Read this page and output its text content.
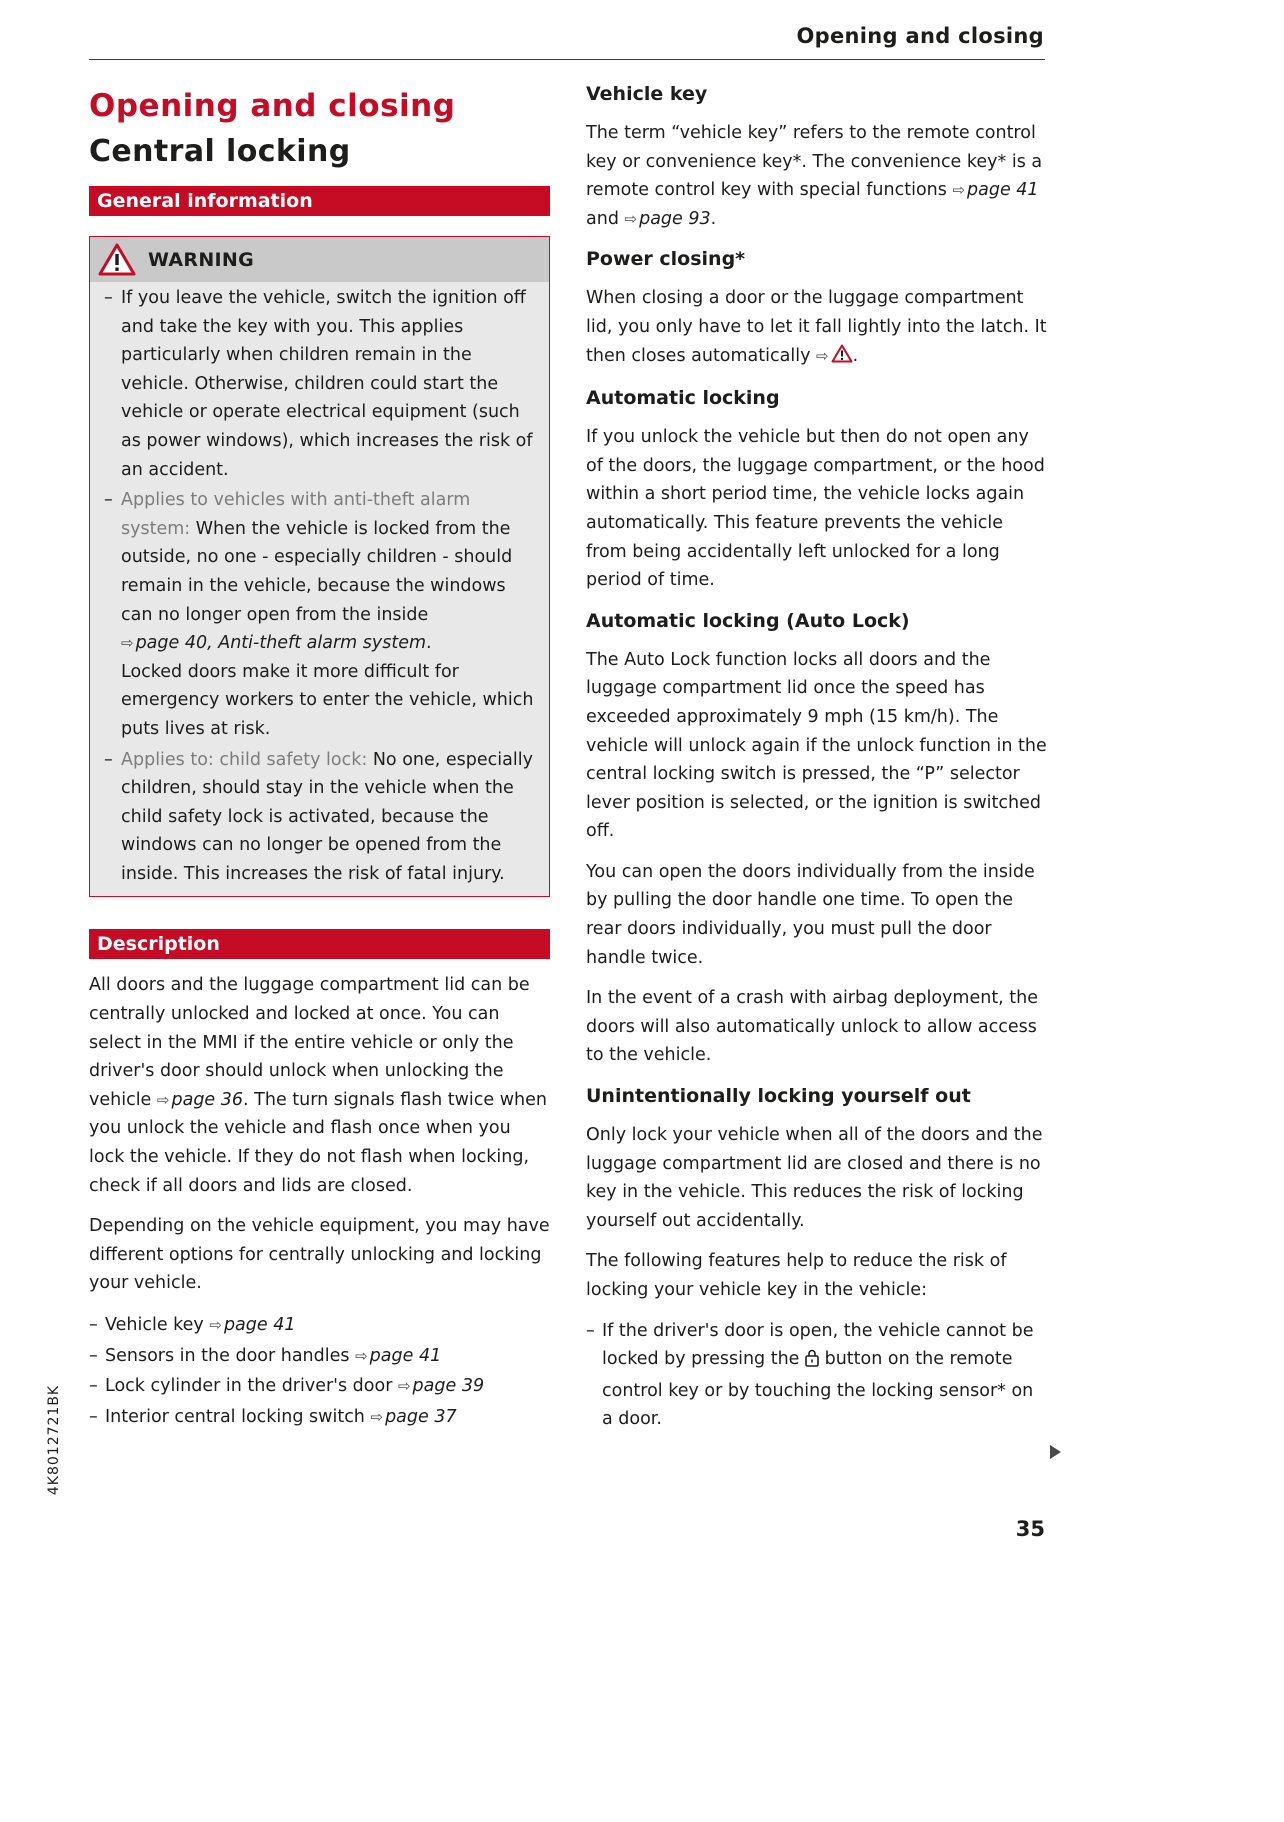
Opening and closing
Opening and closing
Central locking
General information
WARNING
– If you leave the vehicle, switch the ignition off and take the key with you. This applies particularly when children remain in the vehicle. Otherwise, children could start the vehicle or operate electrical equipment (such as power windows), which increases the risk of an accident.
– Applies to vehicles with anti-theft alarm system: When the vehicle is locked from the outside, no one - especially children - should remain in the vehicle, because the windows can no longer open from the inside
⇨ page 40, Anti-theft alarm system.
Locked doors make it more difficult for emergency workers to enter the vehicle, which puts lives at risk.
– Applies to: child safety lock: No one, especially children, should stay in the vehicle when the child safety lock is activated, because the windows can no longer be opened from the inside. This increases the risk of fatal injury.
Description

All doors and the luggage compartment lid can be centrally unlocked and locked at once. You can select in the MMI if the entire vehicle or only the driver's door should unlock when unlocking the vehicle ⇨ page 36. The turn signals flash twice when you unlock the vehicle and flash once when you lock the vehicle. If they do not flash when locking, check if all doors and lids are closed.

Depending on the vehicle equipment, you may have different options for centrally unlocking and locking your vehicle.

– Vehicle key ⇨ page 41
– Sensors in the door handles ⇨ page 41
– Lock cylinder in the driver's door ⇨ page 39
– Interior central locking switch ⇨ page 37
Vehicle key

The term “vehicle key” refers to the remote control key or convenience key*. The convenience key* is a remote control key with special functions ⇨ page 41 and ⇨ page 93.

Power closing*

When closing a door or the luggage compartment lid, you only have to let it fall lightly into the latch. It then closes automatically ⇨ .

Automatic locking

If you unlock the vehicle but then do not open any of the doors, the luggage compartment, or the hood within a short period time, the vehicle locks again automatically. This feature prevents the vehicle from being accidentally left unlocked for a long period of time.

Automatic locking (Auto Lock)

The Auto Lock function locks all doors and the luggage compartment lid once the speed has exceeded approximately 9 mph (15 km/h). The vehicle will unlock again if the unlock function in the central locking switch is pressed, the “P” selector lever position is selected, or the ignition is switched off.

You can open the doors individually from the inside by pulling the door handle one time. To open the rear doors individually, you must pull the door handle twice.

In the event of a crash with airbag deployment, the doors will also automatically unlock to allow access to the vehicle.

Unintentionally locking yourself out

Only lock your vehicle when all of the doors and the luggage compartment lid are closed and there is no key in the vehicle. This reduces the risk of locking yourself out accidentally.

The following features help to reduce the risk of locking your vehicle key in the vehicle:

– If the driver's door is open, the vehicle cannot be locked by pressing the button on the remote control key or by touching the locking sensor* on a door.
4K8012721BK
35
